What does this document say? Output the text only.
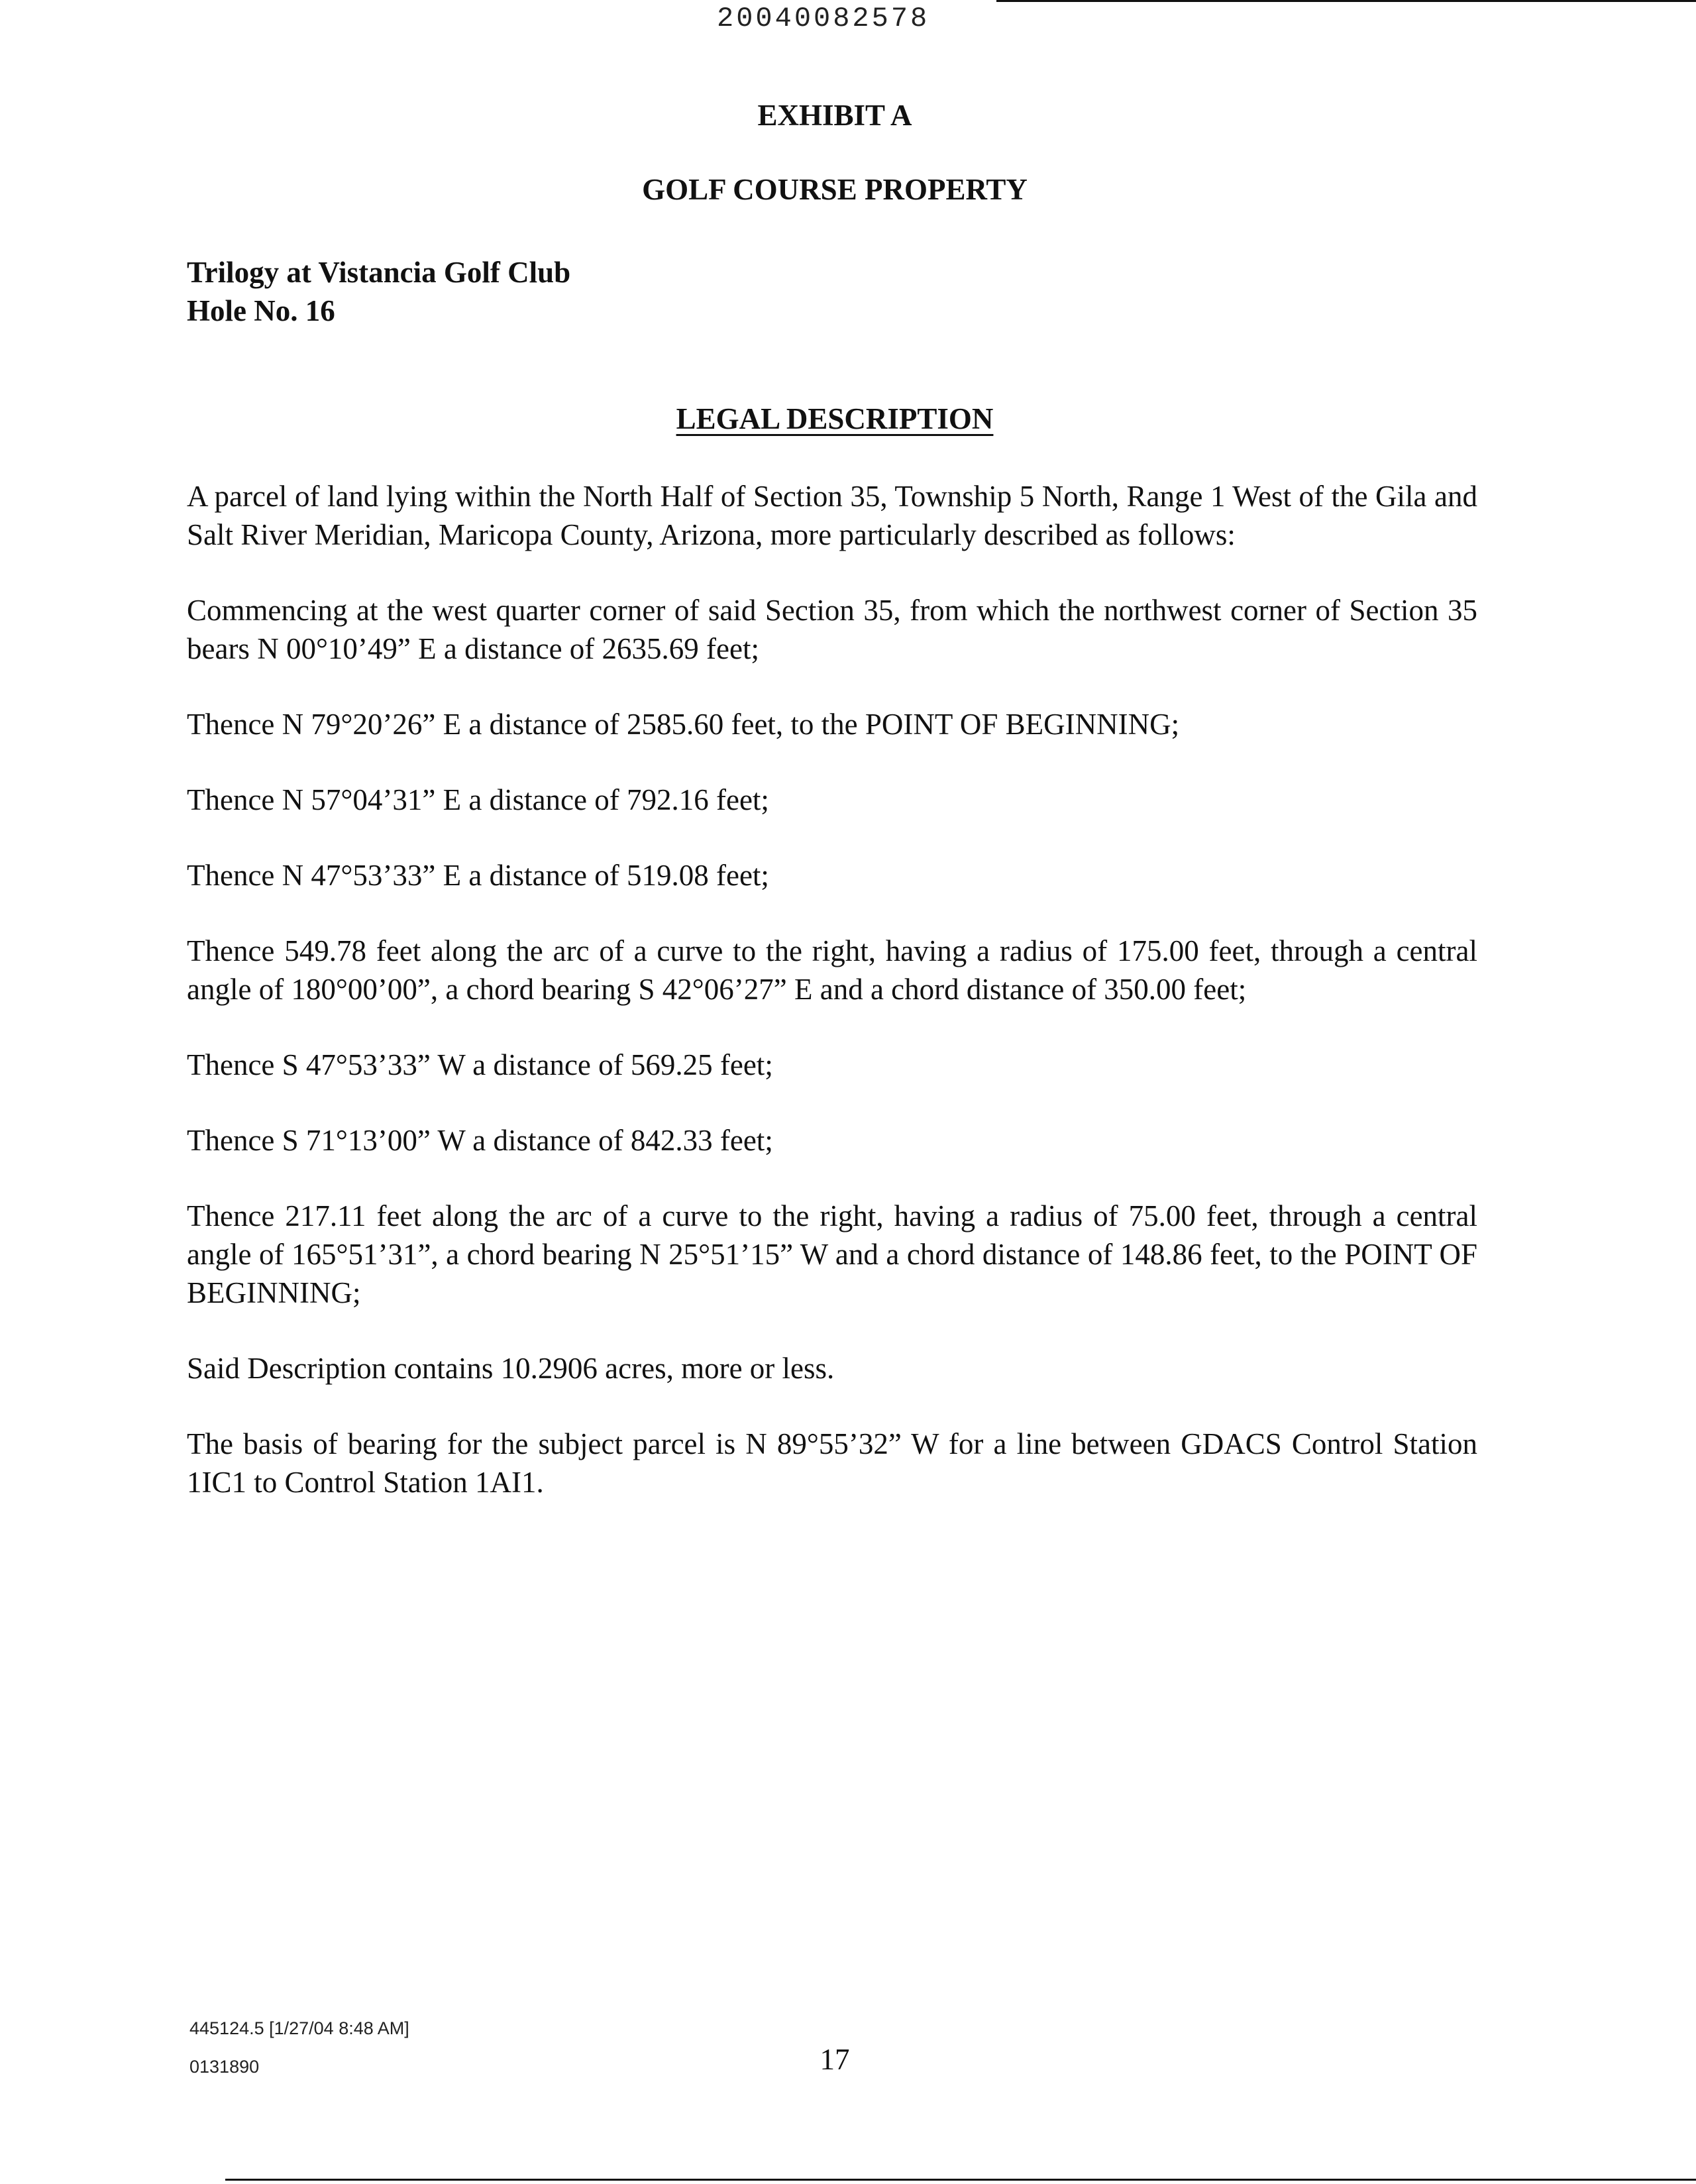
20040082578
EXHIBIT A
GOLF COURSE PROPERTY
Trilogy at Vistancia Golf Club
Hole No. 16
LEGAL DESCRIPTION

A parcel of land lying within the North Half of Section 35, Township 5 North, Range 1 West of the Gila and Salt River Meridian, Maricopa County, Arizona, more particularly described as follows:

Commencing at the west quarter corner of said Section 35, from which the northwest corner of Section 35 bears N 00°10’49” E a distance of 2635.69 feet;

Thence N 79°20’26” E a distance of 2585.60 feet, to the POINT OF BEGINNING;

Thence N 57°04’31” E a distance of 792.16 feet;

Thence N 47°53’33” E a distance of 519.08 feet;

Thence 549.78 feet along the arc of a curve to the right, having a radius of 175.00 feet, through a central angle of 180°00’00”, a chord bearing S 42°06’27” E and a chord distance of 350.00 feet;

Thence S 47°53’33” W a distance of 569.25 feet;

Thence S 71°13’00” W a distance of 842.33 feet;

Thence 217.11 feet along the arc of a curve to the right, having a radius of 75.00 feet, through a central angle of 165°51’31”, a chord bearing N 25°51’15” W and a chord distance of 148.86 feet, to the POINT OF BEGINNING;

Said Description contains 10.2906 acres, more or less.

The basis of bearing for the subject parcel is N 89°55’32” W for a line between GDACS Control Station 1IC1 to Control Station 1AI1.

445124.5 [1/27/04 8:48 AM]
0131890	17
